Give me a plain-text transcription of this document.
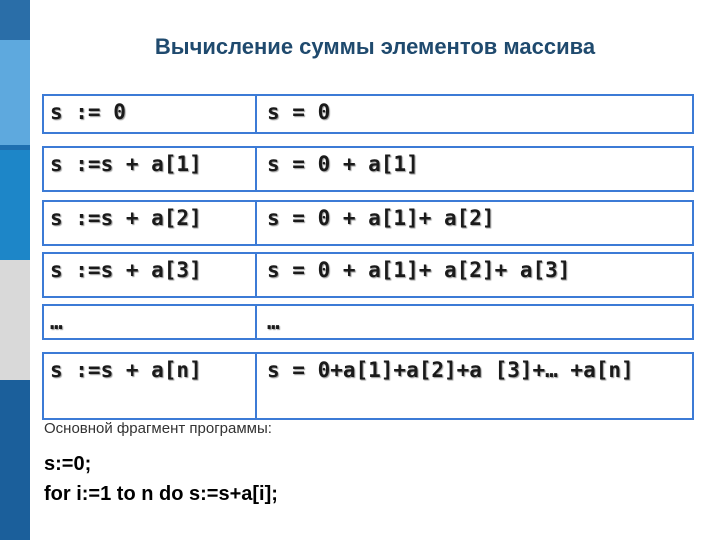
Вычисление суммы элементов массива
s := 0	s = 0
s :=s + a[1]	s = 0 + a[1]
s :=s + a[2]	s = 0 + a[1]+ a[2]
s :=s + a[3]	s = 0 + a[1]+ a[2]+ a[3]
…	…
s :=s + a[n]	s = 0+a[1]+a[2]+a [3]+… +a[n]
Основной фрагмент программы:
s:=0;
for i:=1 to n do s:=s+a[i];
